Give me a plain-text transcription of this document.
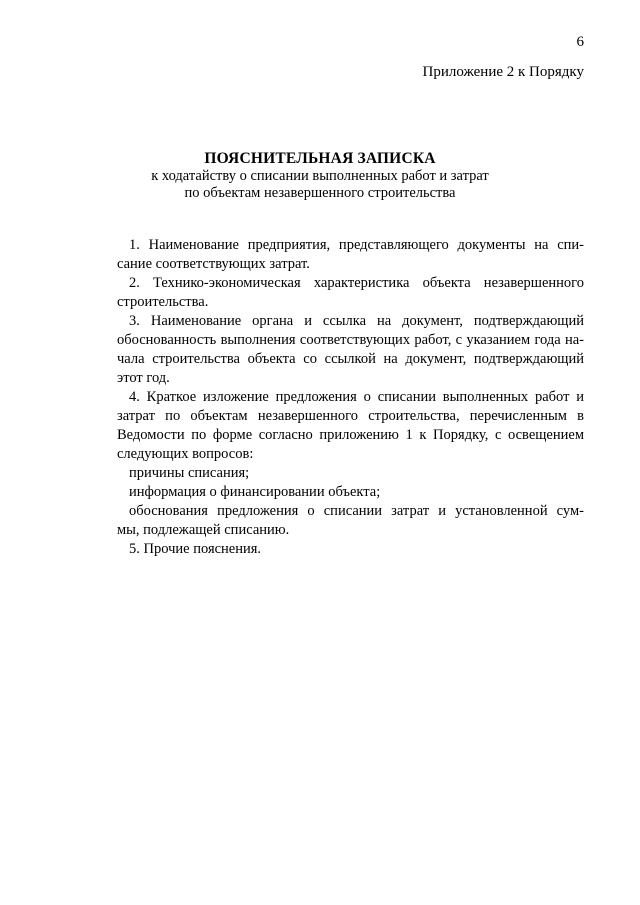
6
Приложение 2 к Порядку
ПОЯСНИТЕЛЬНАЯ ЗАПИСКА
к ходатайству о списании выполненных работ и затрат
по объектам незавершенного строительства
1. Наименование предприятия, представляющего документы на спи-
сание соответствующих затрат.
2. Технико-экономическая характеристика объекта незавершенного
строительства.
3. Наименование органа и ссылка на документ, подтверждающий
обоснованность выполнения соответствующих работ, с указанием года на-
чала строительства объекта со ссылкой на документ, подтверждающий
этот год.
4. Краткое изложение предложения о списании выполненных работ и
затрат по объектам незавершенного строительства, перечисленным в
Ведомости по форме согласно приложению 1 к Порядку, с освещением
следующих вопросов:
причины списания;
информация о финансировании объекта;
обоснования предложения о списании затрат и установленной сум-
мы, подлежащей списанию.
5. Прочие пояснения.
